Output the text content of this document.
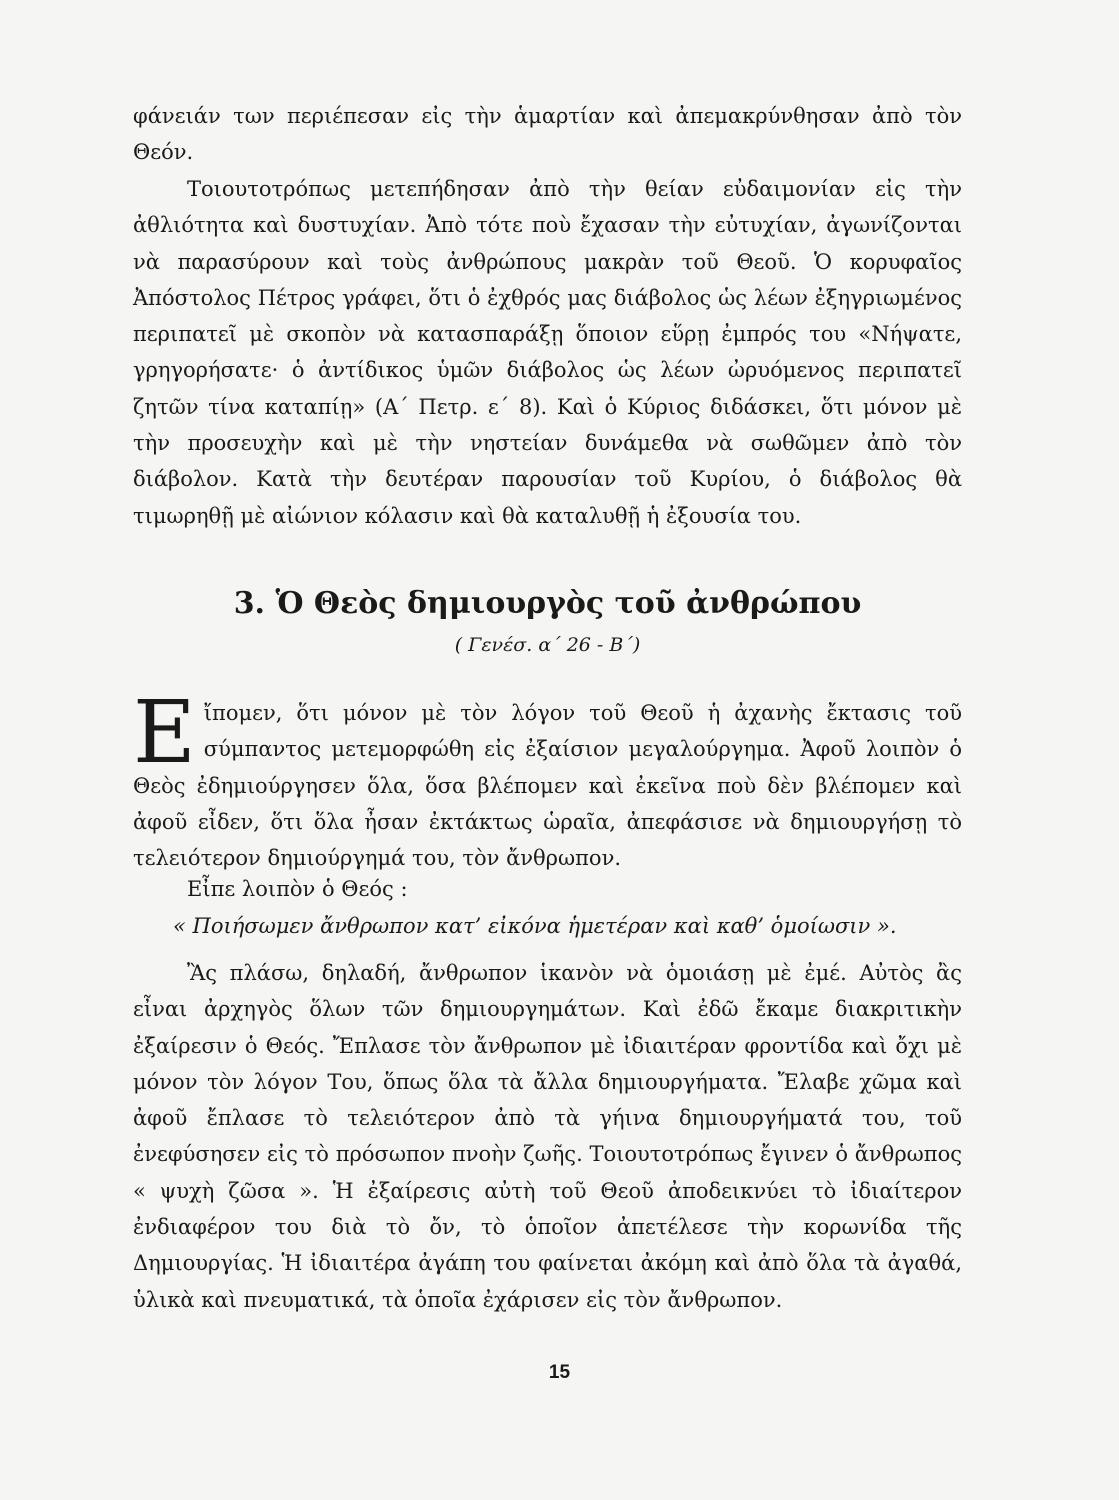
φάνειάν των περιέπεσαν εἰς τὴν ἁμαρτίαν καὶ ἀπεμακρύνθησαν ἀπὸ τὸν Θεόν.

Τοιουτοτρόπως μετεπήδησαν ἀπὸ τὴν θείαν εὐδαιμονίαν εἰς τὴν ἀθλιότητα καὶ δυστυχίαν. Ἀπὸ τότε ποὺ ἔχασαν τὴν εὐτυχίαν, ἀγωνίζονται νὰ παρασύρουν καὶ τοὺς ἀνθρώπους μακρὰν τοῦ Θεοῦ. Ὁ κορυφαῖος Ἀπόστολος Πέτρος γράφει, ὅτι ὁ ἐχθρός μας διάβολος ὡς λέων ἐξηγριωμένος περιπατεῖ μὲ σκοπὸν νὰ κατασπαράξῃ ὅποιον εὕρῃ ἐμπρός του «Νήψατε, γρηγορήσατε· ὁ ἀντίδικος ὑμῶν διάβολος ὡς λέων ὠρυόμενος περιπατεῖ ζητῶν τίνα καταπίῃ» (Α΄ Πετρ. ε΄ 8). Καὶ ὁ Κύριος διδάσκει, ὅτι μόνον μὲ τὴν προσευχὴν καὶ μὲ τὴν νηστείαν δυνάμεθα νὰ σωθῶμεν ἀπὸ τὸν διάβολον. Κατὰ τὴν δευτέραν παρουσίαν τοῦ Κυρίου, ὁ διάβολος θὰ τιμωρηθῇ μὲ αἰώνιον κόλασιν καὶ θὰ καταλυθῇ ἡ ἐξουσία του.

3. Ὁ Θεὸς δημιουργὸς τοῦ ἀνθρώπου

( Γενέσ. α΄ 26 - Β΄)

Εἴπομεν, ὅτι μόνον μὲ τὸν λόγον τοῦ Θεοῦ ἡ ἀχανὴς ἔκτασις τοῦ σύμπαντος μετεμορφώθη εἰς ἐξαίσιον μεγαλούργημα. Ἀφοῦ λοιπὸν ὁ Θεὸς ἐδημιούργησεν ὅλα, ὅσα βλέπομεν καὶ ἐκεῖνα ποὺ δὲν βλέπομεν καὶ ἀφοῦ εἶδεν, ὅτι ὅλα ἦσαν ἐκτάκτως ὡραῖα, ἀπεφάσισε νὰ δημιουργήσῃ τὸ τελειότερον δημιούργημά του, τὸν ἄνθρωπον.

Εἶπε λοιπὸν ὁ Θεός :

« Ποιήσωμεν ἄνθρωπον κατ’ εἰκόνα ἡμετέραν καὶ καθ’ ὁμοίωσιν ».

Ἂς πλάσω, δηλαδή, ἄνθρωπον ἱκανὸν νὰ ὁμοιάσῃ μὲ ἐμέ. Αὐτὸς ἂς εἶναι ἀρχηγὸς ὅλων τῶν δημιουργημάτων. Καὶ ἐδῶ ἔκαμε διακριτικὴν ἐξαίρεσιν ὁ Θεός. Ἔπλασε τὸν ἄνθρωπον μὲ ἰδιαιτέραν φροντίδα καὶ ὄχι μὲ μόνον τὸν λόγον Του, ὅπως ὅλα τὰ ἄλλα δημιουργήματα. Ἔλαβε χῶμα καὶ ἀφοῦ ἔπλασε τὸ τελειότερον ἀπὸ τὰ γήινα δημιουργήματά του, τοῦ ἐνεφύσησεν εἰς τὸ πρόσωπον πνοὴν ζωῆς. Τοιουτοτρόπως ἔγινεν ὁ ἄνθρωπος « ψυχὴ ζῶσα ». Ἡ ἐξαίρεσις αὐτὴ τοῦ Θεοῦ ἀποδεικνύει τὸ ἰδιαίτερον ἐνδιαφέρον του διὰ τὸ ὄν, τὸ ὁποῖον ἀπετέλεσε τὴν κορωνίδα τῆς Δημιουργίας. Ἡ ἰδιαιτέρα ἀγάπη του φαίνεται ἀκόμη καὶ ἀπὸ ὅλα τὰ ἀγαθά, ὑλικὰ καὶ πνευματικά, τὰ ὁποῖα ἐχάρισεν εἰς τὸν ἄνθρωπον.

15
